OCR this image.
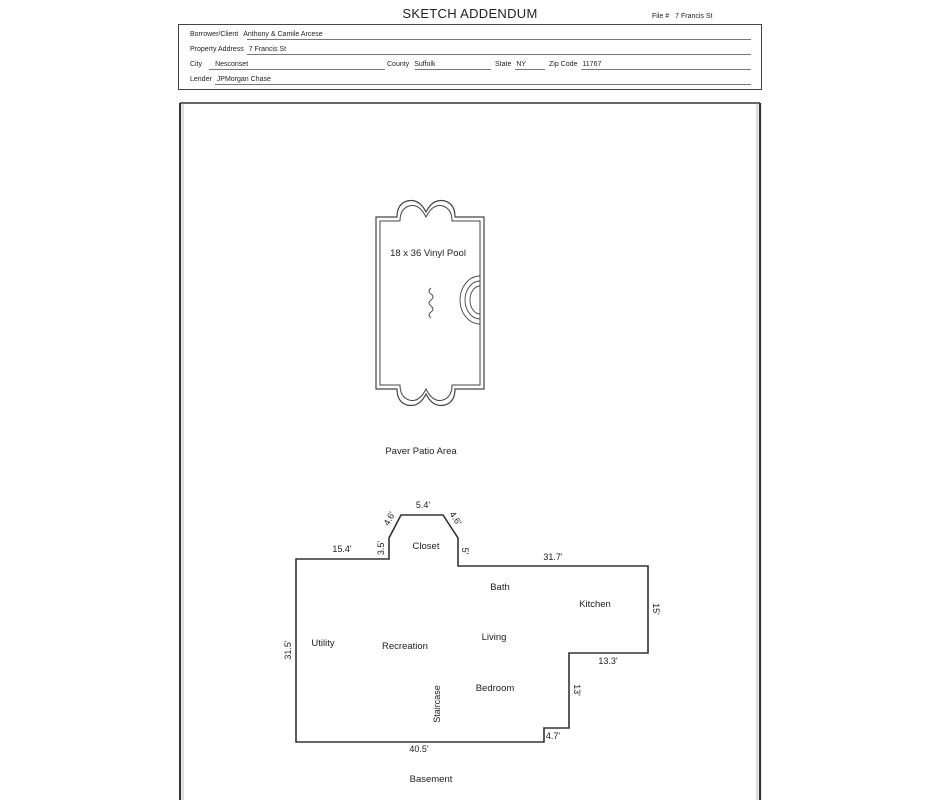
SKETCH ADDENDUM	File # 7 Francis St
Borrower/Client Anthony & Camile Arcese
Property Address 7 Francis St
City Nesconset	County Suffolk	State NY	Zip Code 11767
Lender JPMorgan Chase
18 x 36 Vinyl Pool
Paver Patio Area
Closet
Bath
Kitchen
Utility	Recreation
Living
Bedroom
Staircase
15.4'	3.5'
4.6'
5.4'
4.6'
5'
31.7'
15'
13.3'
13'
4.7'
40.5'
31.5'
Basement
